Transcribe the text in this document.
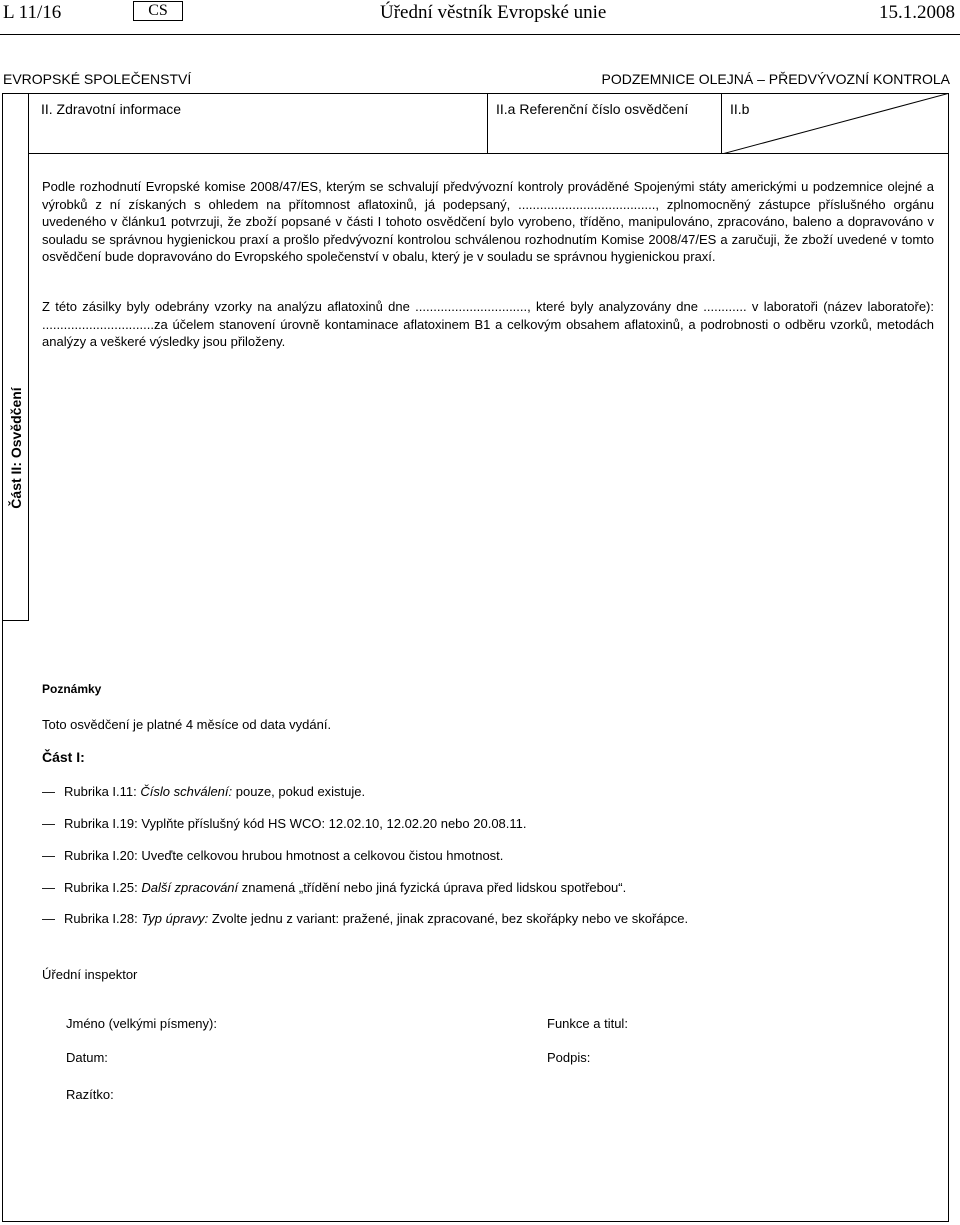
L 11/16	CS	Úřední věstník Evropské unie	15.1.2008
EVROPSKÉ SPOLEČENSTVÍ	PODZEMNICE OLEJNÁ – PŘEDVÝVOZNÍ KONTROLA
Část II: Osvědčení
II. Zdravotní informace	II.a Referenční číslo osvědčení	II.b
Podle rozhodnutí Evropské komise 2008/47/ES, kterým se schvalují předvývozní kontroly prováděné Spojenými státy americkými u podzemnice olejné a výrobků z ní získaných s ohledem na přítomnost aflatoxinů, já podepsaný, ......................................, zplnomocněný zástupce příslušného orgánu uvedeného v článku1 potvrzuji, že zboží popsané v části I tohoto osvědčení bylo vyrobeno, tříděno, manipulováno, zpracováno, baleno a dopravováno v souladu se správnou hygienickou praxí a prošlo předvývozní kontrolou schválenou rozhodnutím Komise 2008/47/ES a zaručuji, že zboží uvedené v tomto osvědčení bude dopravováno do Evropského společenství v obalu, který je v souladu se správnou hygienickou praxí.
Z této zásilky byly odebrány vzorky na analýzu aflatoxinů dne ..............................., které byly analyzovány dne ............ v laboratoři (název laboratoře): ...............................za účelem stanovení úrovně kontaminace aflatoxinem B1 a celkovým obsahem aflatoxinů, a podrobnosti o odběru vzorků, metodách analýzy a veškeré výsledky jsou přiloženy.
Poznámky
Toto osvědčení je platné 4 měsíce od data vydání.
Část I:
— Rubrika I.11: Číslo schválení: pouze, pokud existuje.
— Rubrika I.19: Vyplňte příslušný kód HS WCO: 12.02.10, 12.02.20 nebo 20.08.11.
— Rubrika I.20: Uveďte celkovou hrubou hmotnost a celkovou čistou hmotnost.
— Rubrika I.25: Další zpracování znamená „třídění nebo jiná fyzická úprava před lidskou spotřebou“.
— Rubrika I.28: Typ úpravy: Zvolte jednu z variant: pražené, jinak zpracované, bez skořápky nebo ve skořápce.
Úřední inspektor
Jméno (velkými písmeny):	Funkce a titul:
Datum:	Podpis:
Razítko:
